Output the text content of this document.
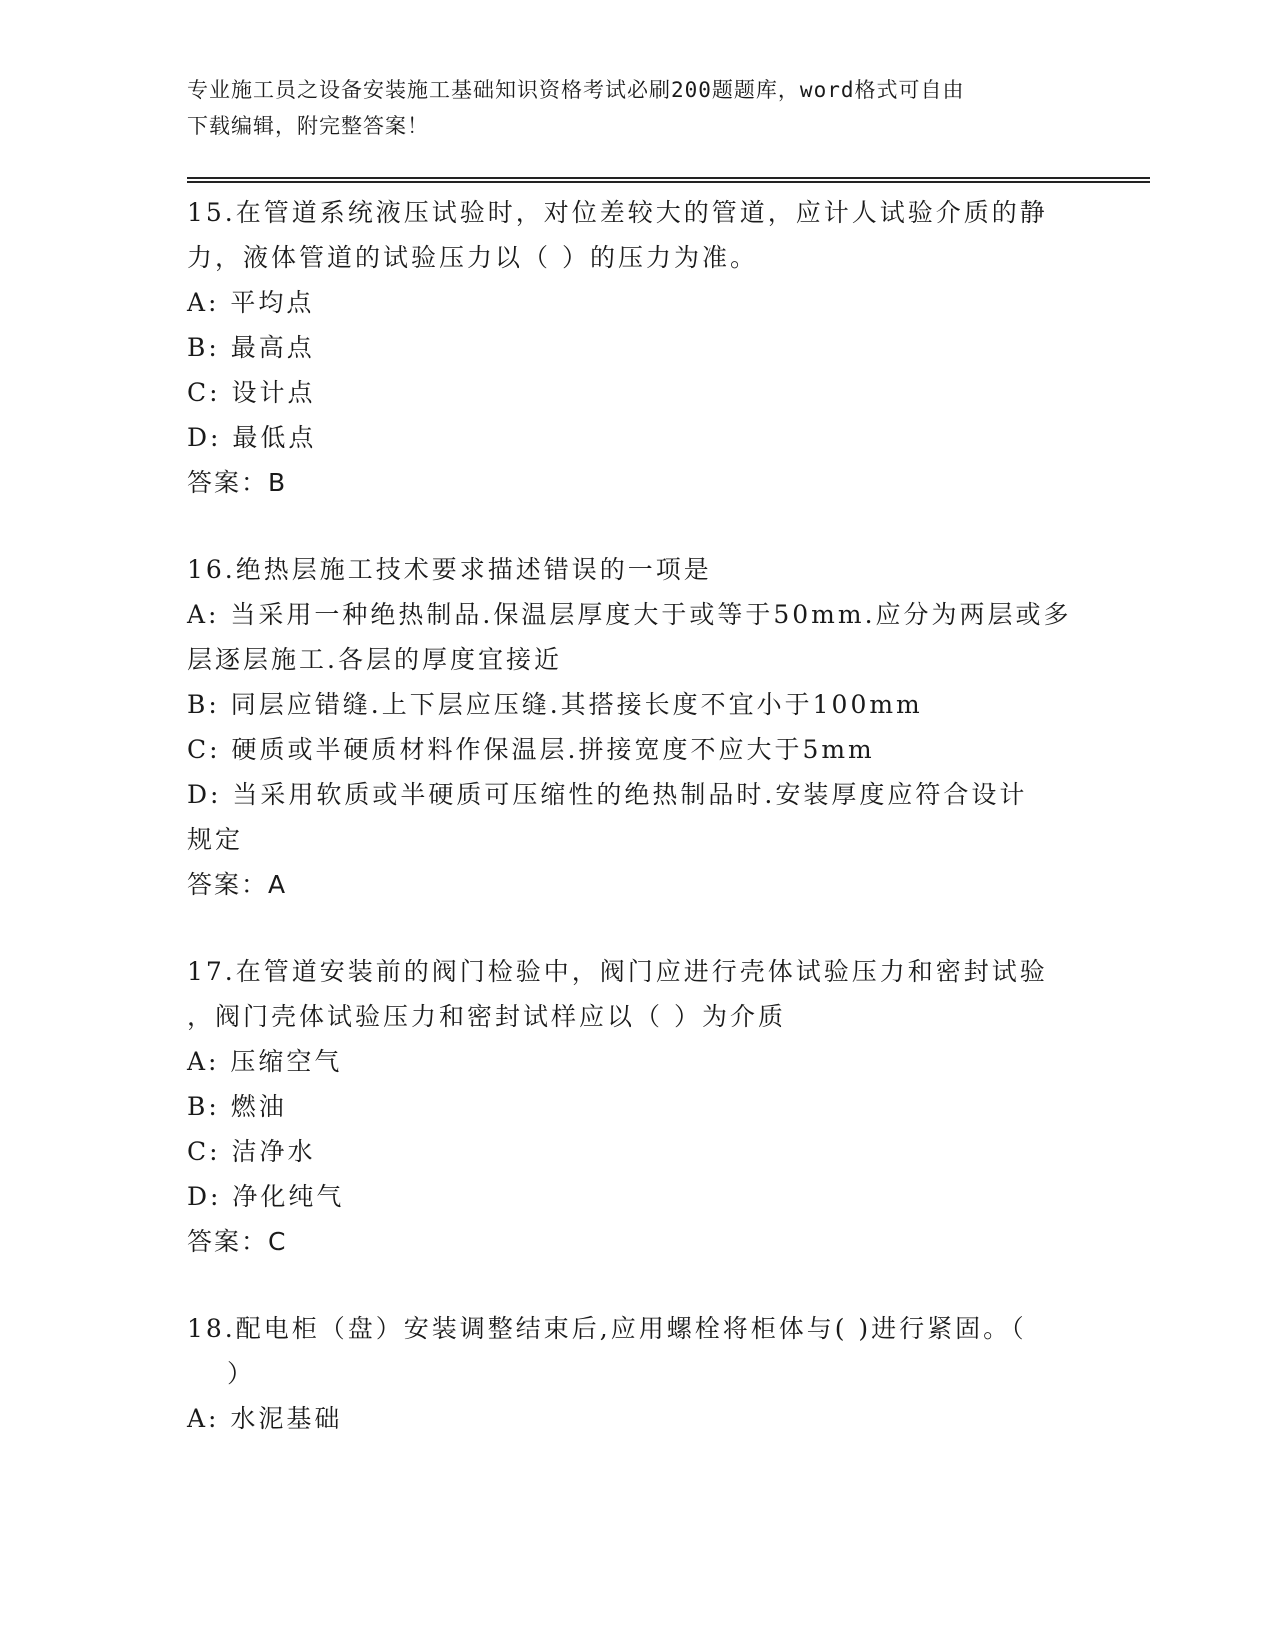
专业施工员之设备安装施工基础知识资格考试必刷200题题库，word格式可自由
下载编辑，附完整答案！
15.在管道系统液压试验时，对位差较大的管道，应计人试验介质的静
力，液体管道的试验压力以（ ）的压力为准。
A: 平均点
B: 最高点
C: 设计点
D: 最低点
答案：B
16.绝热层施工技术要求描述错误的一项是
A: 当采用一种绝热制品.保温层厚度大于或等于50mm.应分为两层或多
层逐层施工.各层的厚度宜接近
B: 同层应错缝.上下层应压缝.其搭接长度不宜小于100mm
C: 硬质或半硬质材料作保温层.拼接宽度不应大于5mm
D: 当采用软质或半硬质可压缩性的绝热制品时.安装厚度应符合设计
规定
答案：A
17.在管道安装前的阀门检验中，阀门应进行壳体试验压力和密封试验
，阀门壳体试验压力和密封试样应以（ ）为介质
A: 压缩空气
B: 燃油
C: 洁净水
D: 净化纯气
答案：C
18.配电柜（盘）安装调整结束后,应用螺栓将柜体与( )进行紧固。（
）
A: 水泥基础
